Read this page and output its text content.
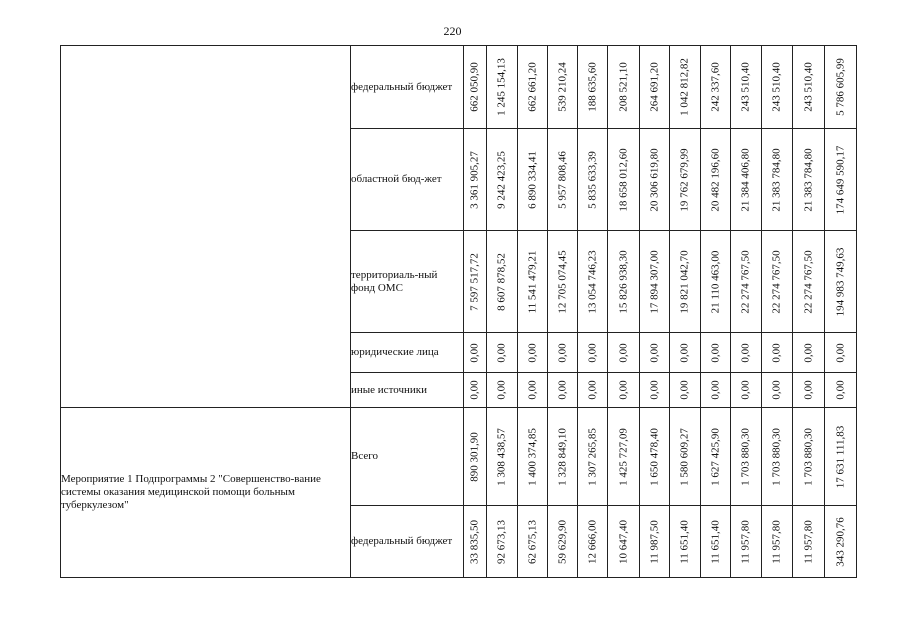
220

	федеральный бюджет	662 050,90	1 245 154,13	662 661,20	539 210,24	188 635,60	208 521,10	264 691,20	1 042 812,82	242 337,60	243 510,40	243 510,40	243 510,40	5 786 605,99

	областной бюд-жет	3 361 905,27	9 242 423,25	6 890 334,41	5 957 808,46	5 835 633,39	18 658 012,60	20 306 619,80	19 762 679,99	20 482 196,60	21 384 406,80	21 383 784,80	21 383 784,80	174 649 590,17

	территориаль-ный фонд ОМС	7 597 517,72	8 607 878,52	11 541 479,21	12 705 074,45	13 054 746,23	15 826 938,30	17 894 307,00	19 821 042,70	21 110 463,00	22 274 767,50	22 274 767,50	22 274 767,50	194 983 749,63

	юридические лица	0,00	0,00	0,00	0,00	0,00	0,00	0,00	0,00	0,00	0,00	0,00	0,00	0,00

	иные источники	0,00	0,00	0,00	0,00	0,00	0,00	0,00	0,00	0,00	0,00	0,00	0,00	0,00

Мероприятие 1 Подпрограммы 2 "Совершенство-вание системы оказания медицинской помощи больным туберкулезом"	Всего	890 301,90	1 308 438,57	1 400 374,85	1 328 849,10	1 307 265,85	1 425 727,09	1 650 478,40	1 580 609,27	1 627 425,90	1 703 880,30	1 703 880,30	1 703 880,30	17 631 111,83

	федеральный бюджет	33 835,50	92 673,13	62 675,13	59 629,90	12 666,00	10 647,40	11 987,50	11 651,40	11 651,40	11 957,80	11 957,80	11 957,80	343 290,76
